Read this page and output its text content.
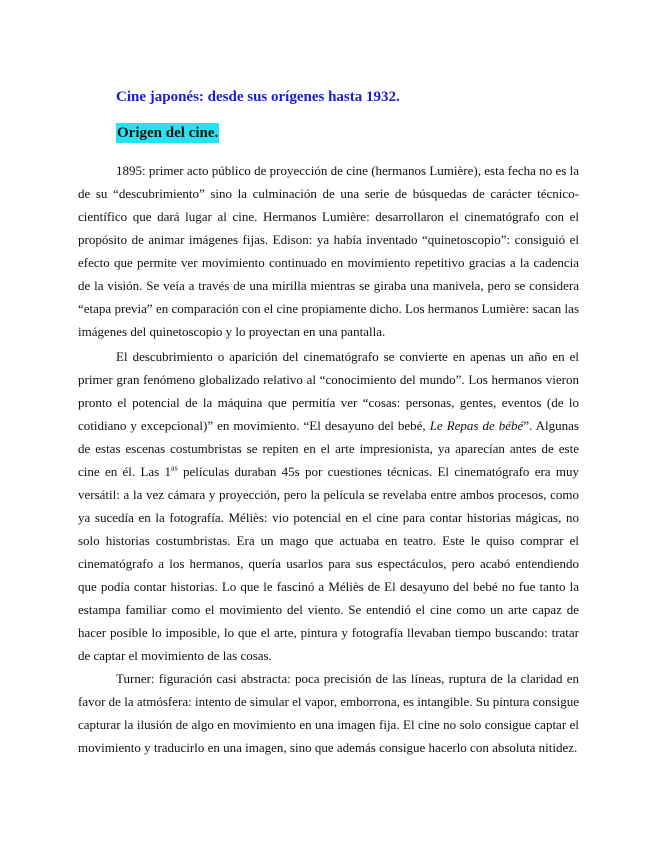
Cine japonés: desde sus orígenes hasta 1932.
Origen del cine.

1895: primer acto público de proyección de cine (hermanos Lumière), esta fecha no es la de su “descubrimiento” sino la culminación de una serie de búsquedas de carácter técnico-científico que dará lugar al cine. Hermanos Lumière: desarrollaron el cinematógrafo con el propósito de animar imágenes fijas. Edison: ya había inventado “quinetoscopio”: consiguió el efecto que permite ver movimiento continuado en movimiento repetitivo gracias a la cadencia de la visión. Se veía a través de una mirilla mientras se giraba una manivela, pero se considera “etapa previa” en comparación con el cine propiamente dicho. Los hermanos Lumière: sacan las imágenes del quinetoscopio y lo proyectan en una pantalla.

El descubrimiento o aparición del cinematógrafo se convierte en apenas un año en el primer gran fenómeno globalizado relativo al “conocimiento del mundo”. Los hermanos vieron pronto el potencial de la máquina que permitía ver “cosas: personas, gentes, eventos (de lo cotidiano y excepcional)” en movimiento. “El desayuno del bebé, Le Repas de bébé”. Algunas de estas escenas costumbristas se repiten en el arte impresionista, ya aparecían antes de este cine en él. Las $1^{as}$ películas duraban 45s por cuestiones técnicas. El cinematógrafo era muy versátil: a la vez cámara y proyección, pero la película se revelaba entre ambos procesos, como ya sucedía en la fotografía. Méliès: vio potencial en el cine para contar historias mágicas, no solo historias costumbristas. Era un mago que actuaba en teatro. Este le quiso comprar el cinematógrafo a los hermanos, quería usarlos para sus espectáculos, pero acabó entendiendo que podía contar historias. Lo que le fascinó a Méliès de El desayuno del bebé no fue tanto la estampa familiar como el movimiento del viento. Se entendió el cine como un arte capaz de hacer posible lo imposible, lo que el arte, pintura y fotografía llevaban tiempo buscando: tratar de captar el movimiento de las cosas.

Turner: figuración casi abstracta: poca precisión de las líneas, ruptura de la claridad en favor de la atmósfera: intento de simular el vapor, emborrona, es intangible. Su pintura consigue capturar la ilusión de algo en movimiento en una imagen fija. El cine no solo consigue captar el movimiento y traducirlo en una imagen, sino que además consigue hacerlo con absoluta nitidez.
